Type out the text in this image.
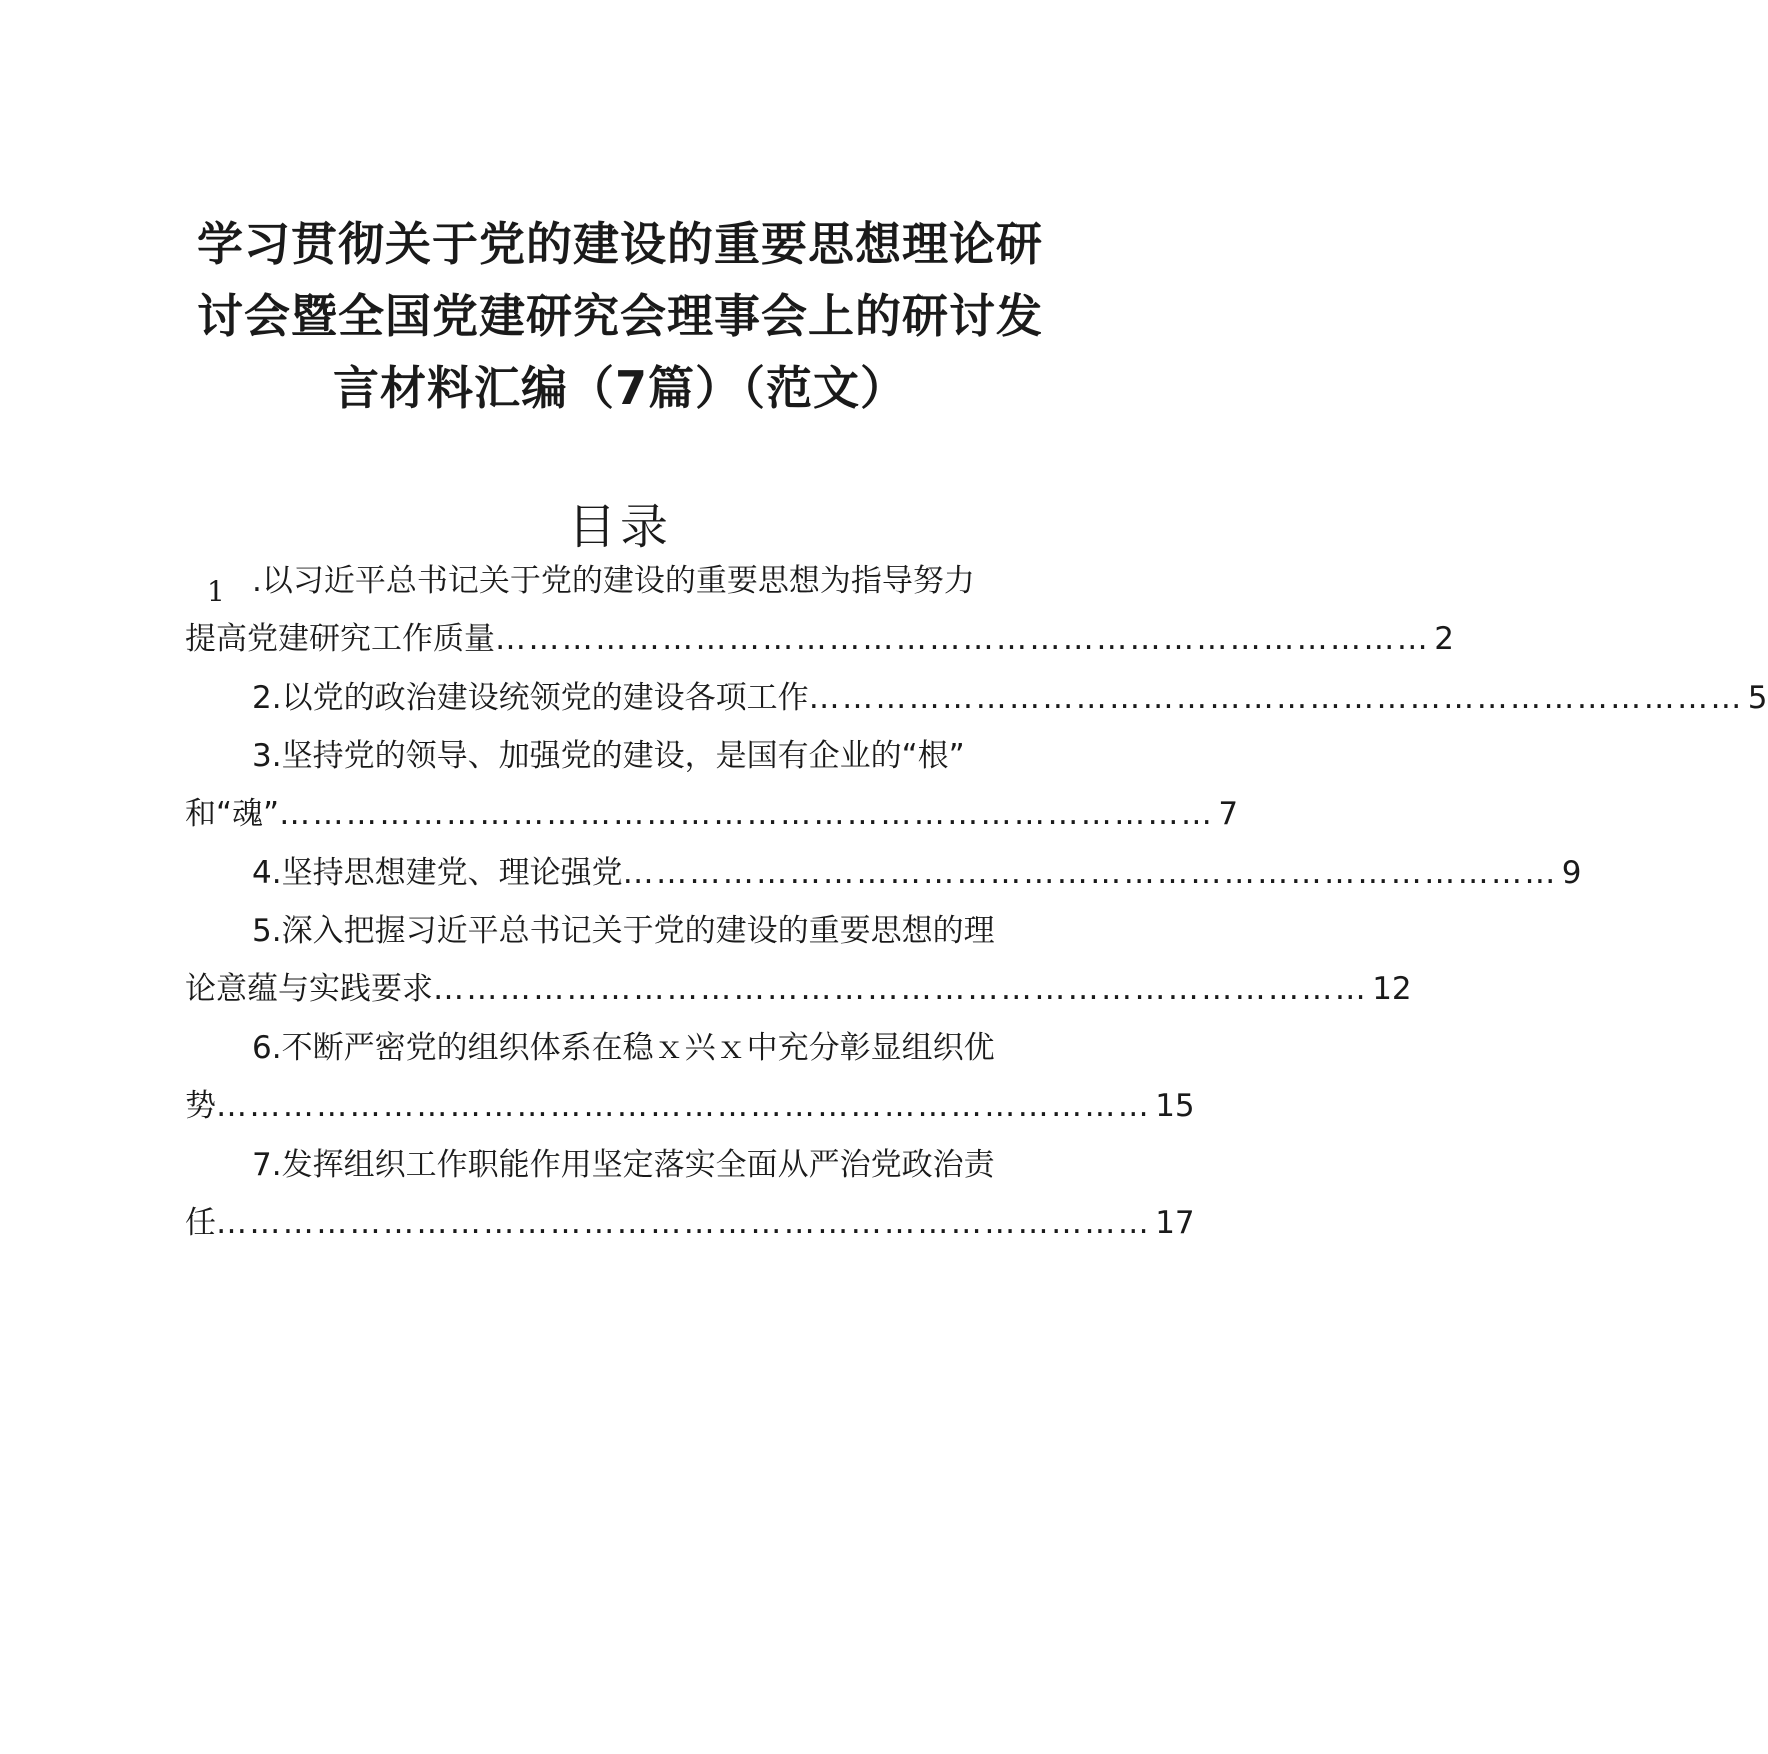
学习贯彻关于党的建设的重要思想理论研
讨会暨全国党建研究会理事会上的研讨发
言材料汇编（7篇）（范文）
目录
1 .以习近平总书记关于党的建设的重要思想为指导努力
提高党建研究工作质量 ………………………………………………………………………… 2
2.以党的政治建设统领党的建设各项工作 ………………………………………………………………………… 5
3.坚持党的领导、加强党的建设，是国有企业的“根”
和“魂” ………………………………………………………………………… 7
4.坚持思想建党、理论强党 ………………………………………………………………………… 9
5.深入把握习近平总书记关于党的建设的重要思想的理
论意蕴与实践要求 ………………………………………………………………………… 12
6.不断严密党的组织体系在稳ｘ兴ｘ中充分彰显组织优
势 ………………………………………………………………………… 15
7.发挥组织工作职能作用坚定落实全面从严治党政治责
任 ………………………………………………………………………… 17
